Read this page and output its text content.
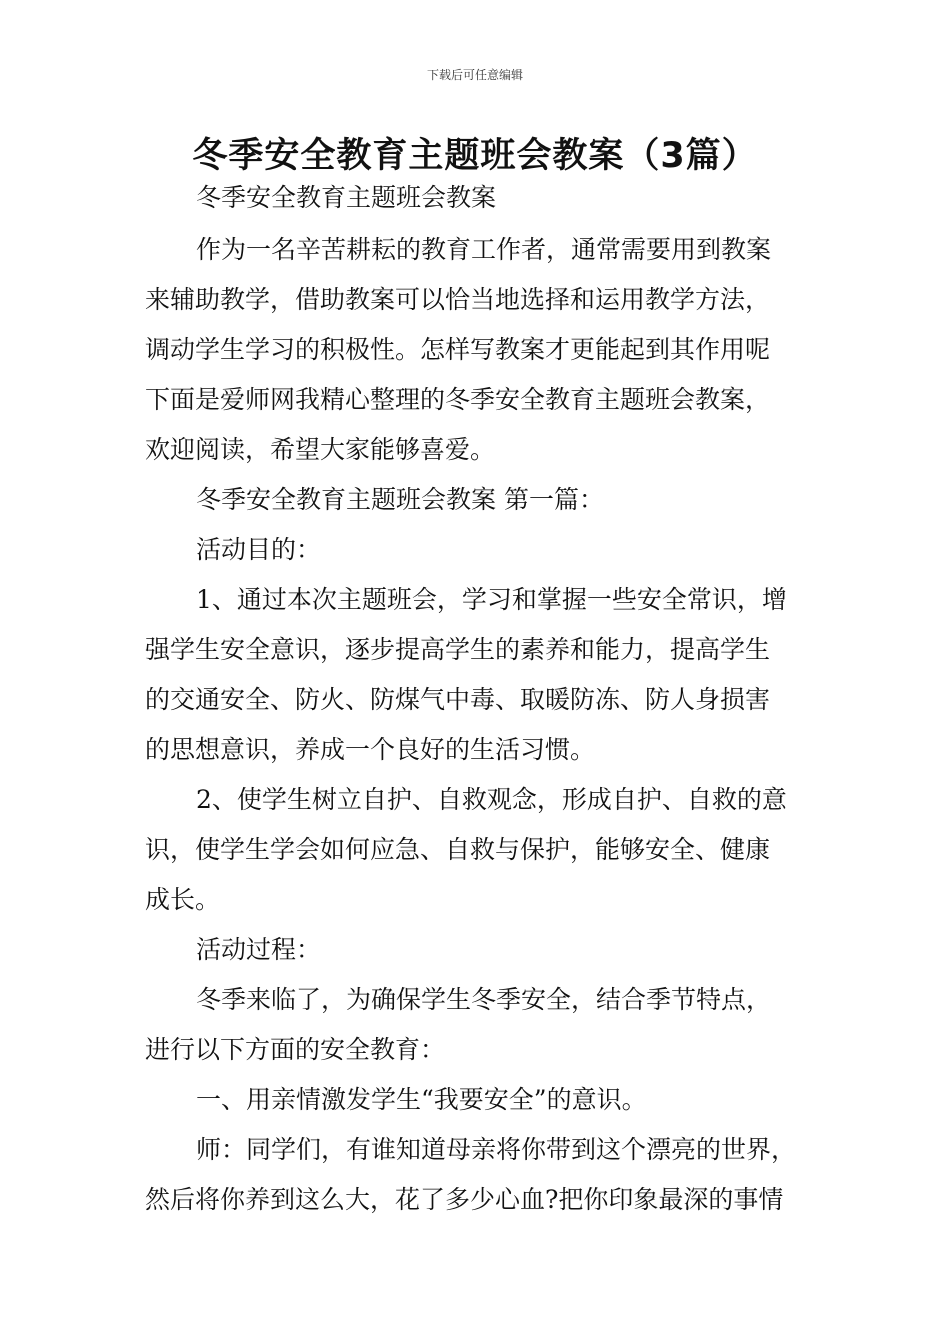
下载后可任意编辑
冬季安全教育主题班会教案（3篇）
冬季安全教育主题班会教案
作为一名辛苦耕耘的教育工作者，通常需要用到教案
来辅助教学，借助教案可以恰当地选择和运用教学方法，
调动学生学习的积极性。怎样写教案才更能起到其作用呢
下面是爱师网我精心整理的冬季安全教育主题班会教案，
欢迎阅读，希望大家能够喜爱。
冬季安全教育主题班会教案 第一篇：
活动目的：
1、通过本次主题班会，学习和掌握一些安全常识，增
强学生安全意识，逐步提高学生的素养和能力，提高学生
的交通安全、防火、防煤气中毒、取暖防冻、防人身损害
的思想意识，养成一个良好的生活习惯。
2、使学生树立自护、自救观念，形成自护、自救的意
识，使学生学会如何应急、自救与保护，能够安全、健康
成长。
活动过程：
冬季来临了，为确保学生冬季安全，结合季节特点，
进行以下方面的安全教育：
一、用亲情激发学生“我要安全”的意识。
师：同学们，有谁知道母亲将你带到这个漂亮的世界，
然后将你养到这么大，花了多少心血?把你印象最深的事情
